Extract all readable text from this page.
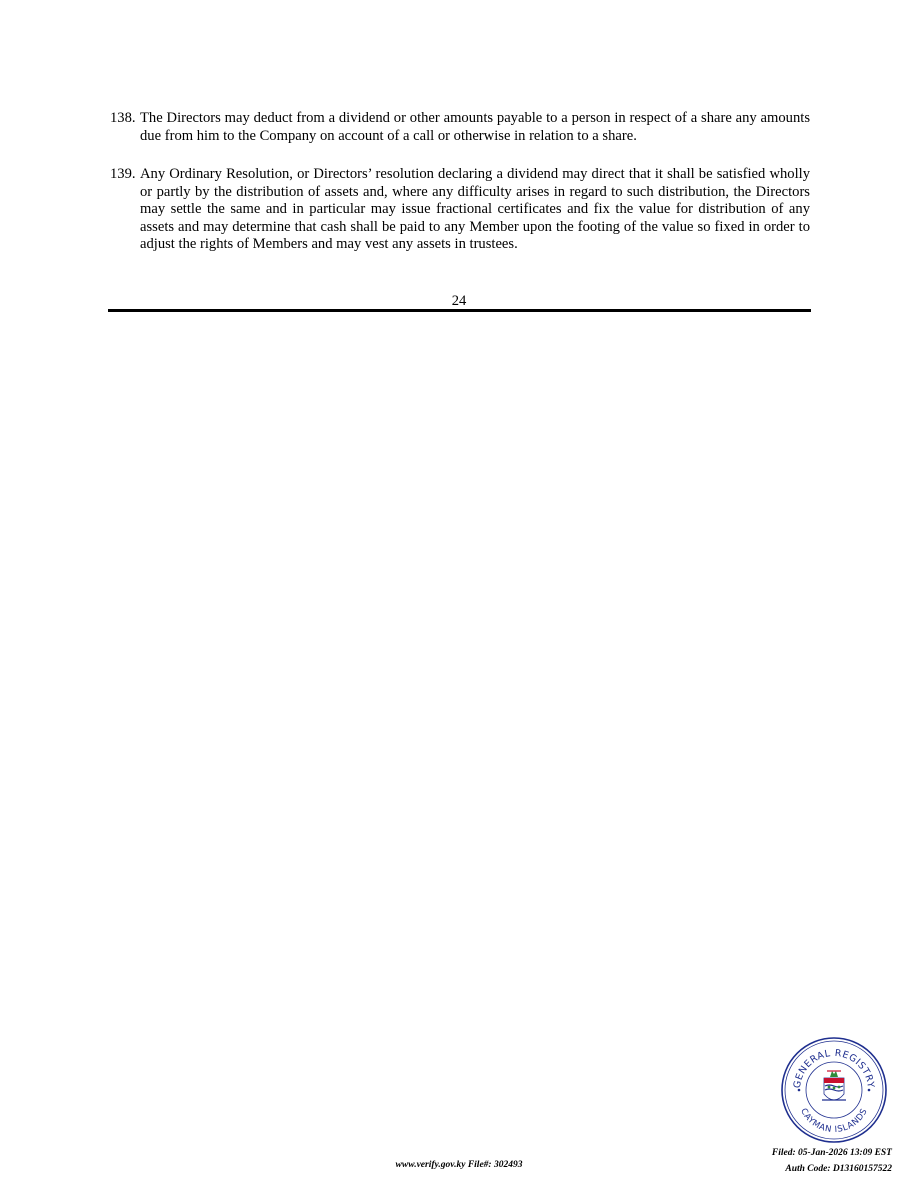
138. The Directors may deduct from a dividend or other amounts payable to a person in respect of a share any amounts due from him to the Company on account of a call or otherwise in relation to a share.
139. Any Ordinary Resolution, or Directors’ resolution declaring a dividend may direct that it shall be satisfied wholly or partly by the distribution of assets and, where any difficulty arises in regard to such distribution, the Directors may settle the same and in particular may issue fractional certificates and fix the value for distribution of any assets and may determine that cash shall be paid to any Member upon the footing of the value so fixed in order to adjust the rights of Members and may vest any assets in trustees.
24
GENERAL REGISTRY
CAYMAN ISLANDS
www.verify.gov.ky File#: 302493
Filed: 05-Jan-2026 13:09 EST
Auth Code: D13160157522
